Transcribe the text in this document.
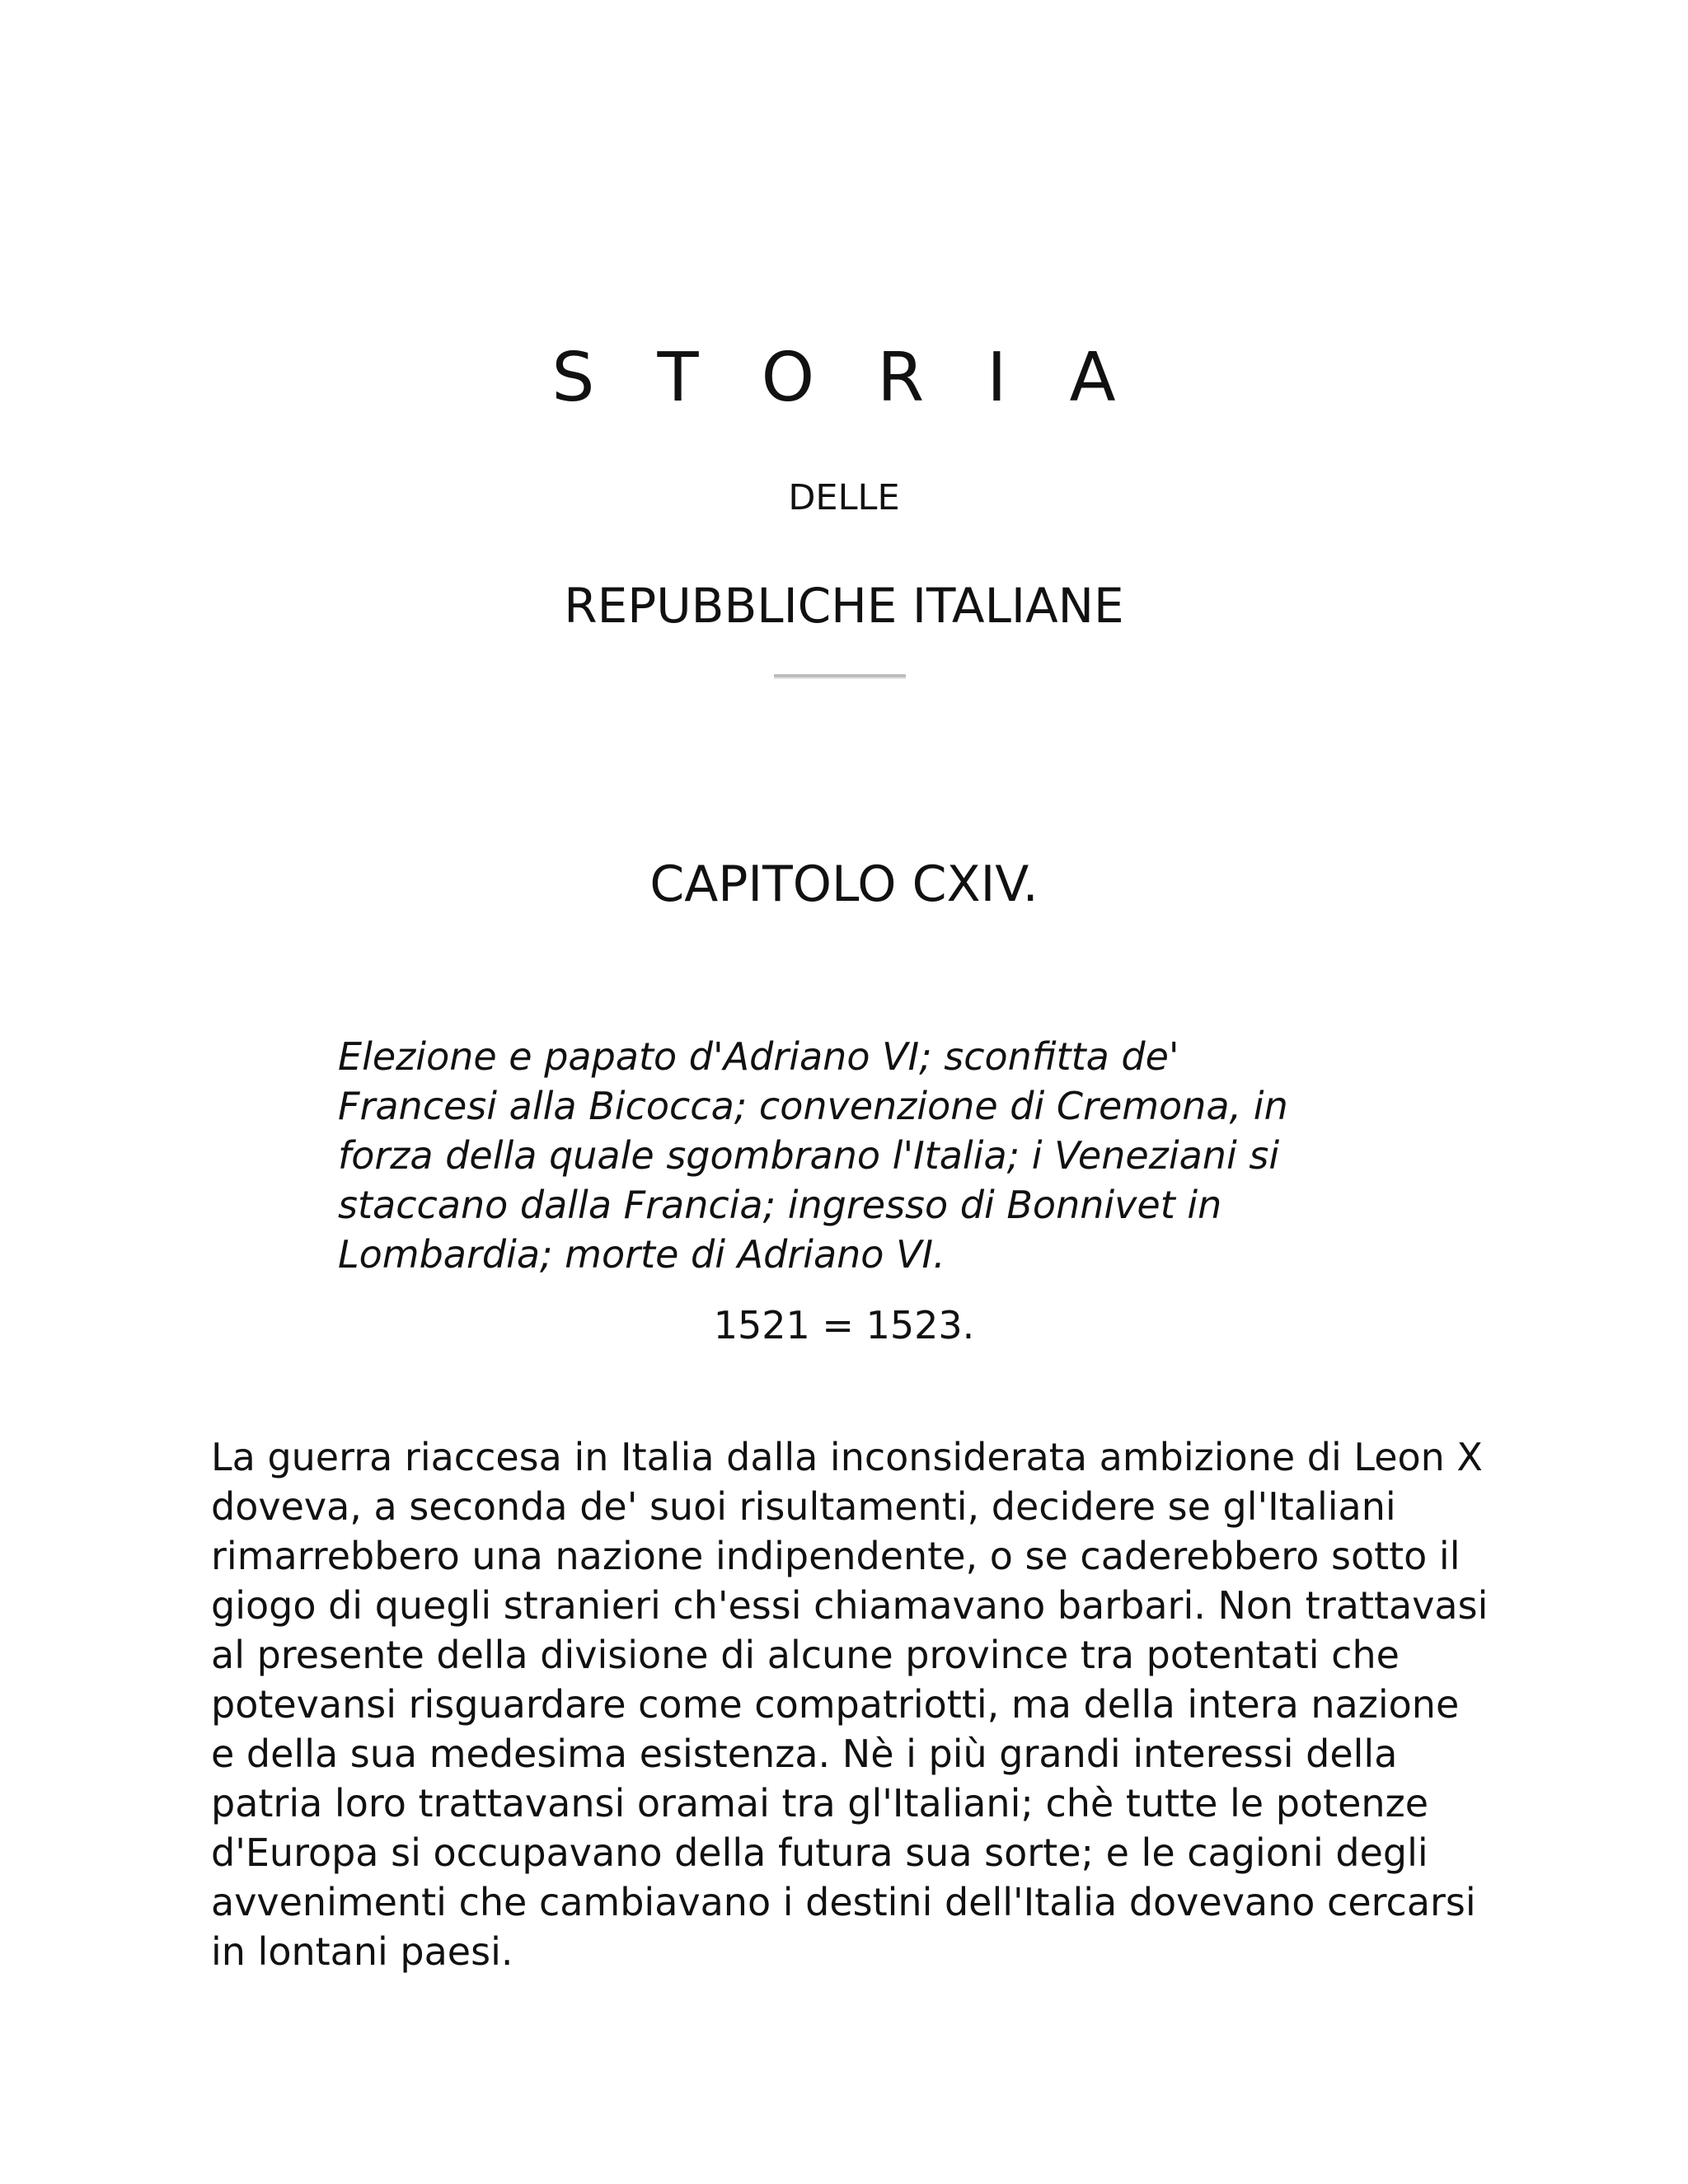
S T O R I A
DELLE
REPUBBLICHE ITALIANE
CAPITOLO CXIV.

Elezione e papato d'Adriano VI; sconfitta de' Francesi alla Bicocca; convenzione di Cremona, in forza della quale sgombrano l'Italia; i Veneziani si staccano dalla Francia; ingresso di Bonnivet in Lombardia; morte di Adriano VI.

1521 = 1523.

La guerra riaccesa in Italia dalla inconsiderata ambizione di Leon X doveva, a seconda de' suoi risultamenti, decidere se gl'Italiani rimarrebbero una nazione indipendente, o se caderebbero sotto il giogo di quegli stranieri ch'essi chiamavano barbari. Non trattavasi al presente della divisione di alcune province tra potentati che potevansi risguardare come compatriotti, ma della intera nazione e della sua medesima esistenza. Nè i più grandi interessi della patria loro trattavansi oramai tra gl'Italiani; chè tutte le potenze d'Europa si occupavano della futura sua sorte; e le cagioni degli avvenimenti che cambiavano i destini dell'Italia dovevano cercarsi in lontani paesi.
